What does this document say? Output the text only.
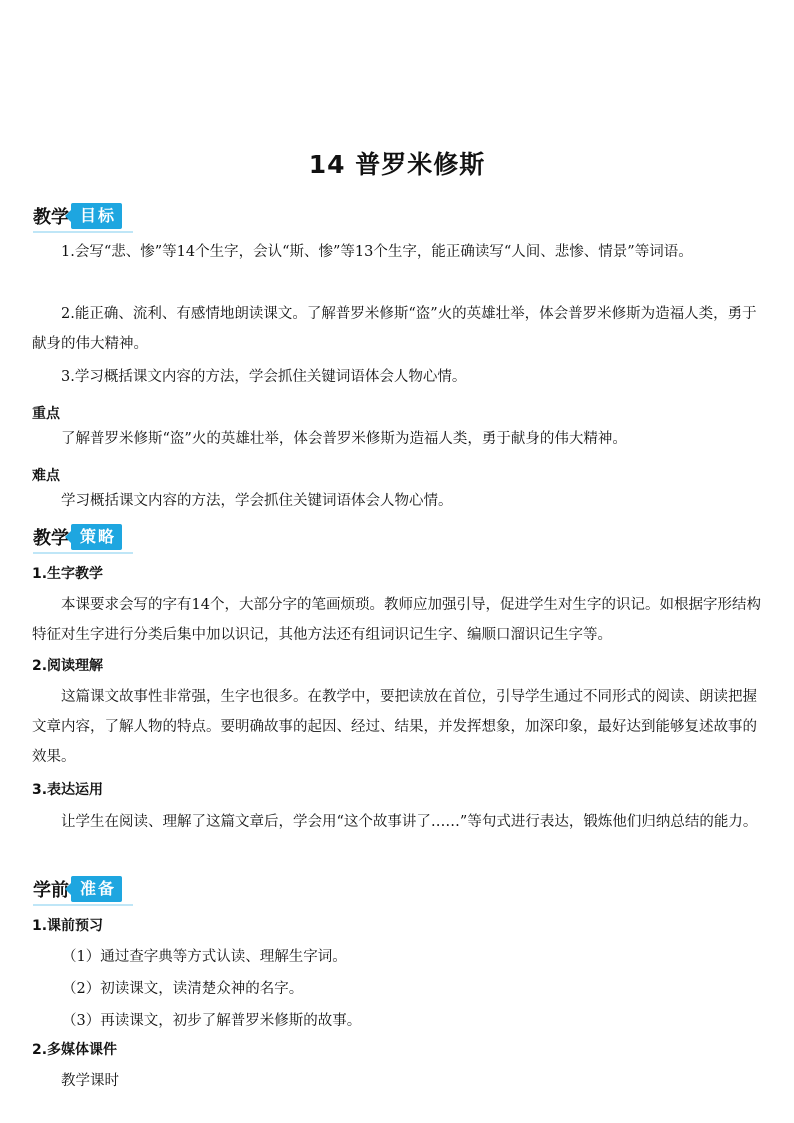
14 普罗米修斯
教学 目标
1.会写“悲、惨”等14个生字，会认“斯、惨”等13个生字，能正确读写“人间、悲惨、情景”等词语。
2.能正确、流利、有感情地朗读课文。了解普罗米修斯“盗”火的英雄壮举，体会普罗米修斯为造福人类，勇于献身的伟大精神。
3.学习概括课文内容的方法，学会抓住关键词语体会人物心情。
重点
了解普罗米修斯“盗”火的英雄壮举，体会普罗米修斯为造福人类，勇于献身的伟大精神。
难点
学习概括课文内容的方法，学会抓住关键词语体会人物心情。
教学 策略
1.生字教学
本课要求会写的字有14个，大部分字的笔画烦琐。教师应加强引导，促进学生对生字的识记。如根据字形结构特征对生字进行分类后集中加以识记，其他方法还有组词识记生字、编顺口溜识记生字等。
2.阅读理解
这篇课文故事性非常强，生字也很多。在教学中，要把读放在首位，引导学生通过不同形式的阅读、朗读把握文章内容，了解人物的特点。要明确故事的起因、经过、结果，并发挥想象，加深印象，最好达到能够复述故事的效果。
3.表达运用
让学生在阅读、理解了这篇文章后，学会用“这个故事讲了……”等句式进行表达，锻炼他们归纳总结的能力。
学前 准备
1.课前预习
（1）通过查字典等方式认读、理解生字词。
（2）初读课文，读清楚众神的名字。
（3）再读课文，初步了解普罗米修斯的故事。
2.多媒体课件
教学课时
